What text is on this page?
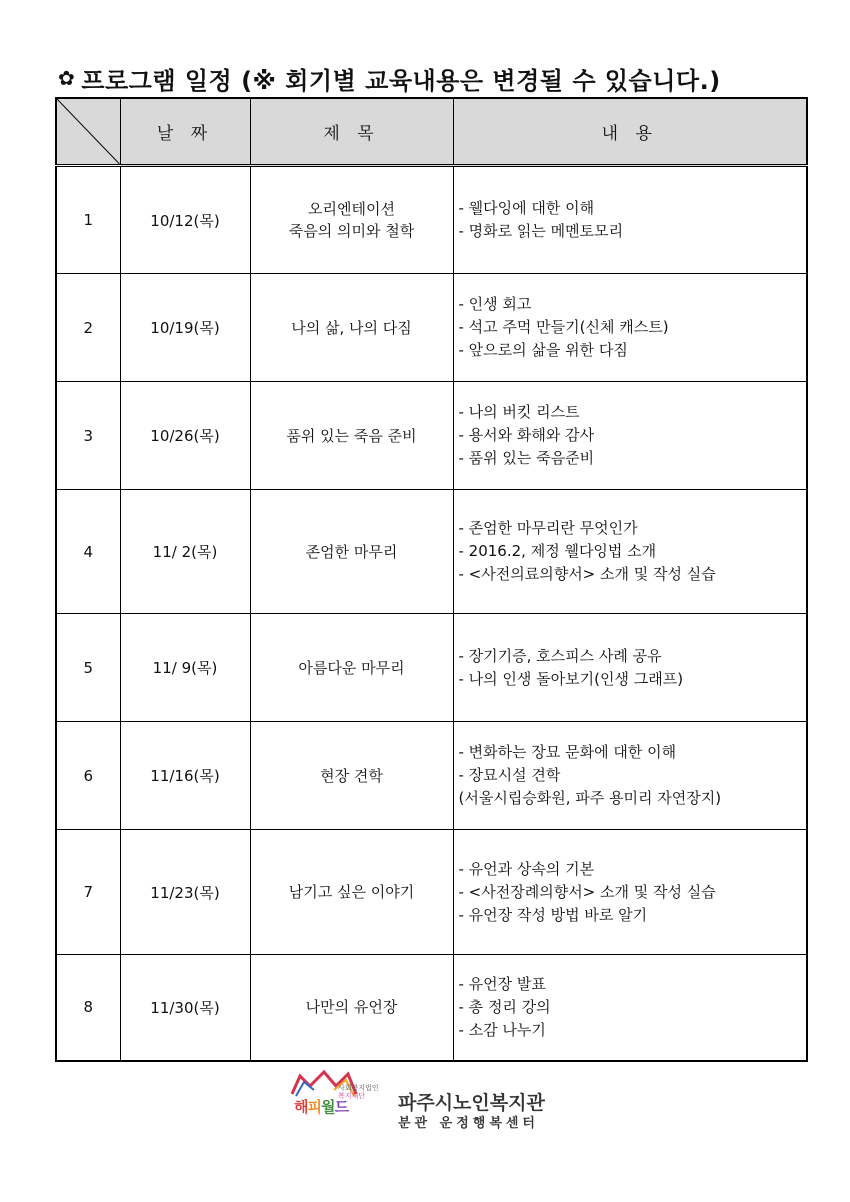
✿ 프로그램 일정 (※ 회기별 교육내용은 변경될 수 있습니다.)
	날 짜	제 목	내 용
1	10/12(목)	오리엔테이션
죽음의 의미와 철학	- 웰다잉에 대한 이해
- 명화로 읽는 메멘토모리

2	10/19(목)	나의 삶, 나의 다짐	- 인생 회고
- 석고 주먹 만들기(신체 캐스트)
- 앞으로의 삶을 위한 다짐

3	10/26(목)	품위 있는 죽음 준비	- 나의 버킷 리스트
- 용서와 화해와 감사
- 품위 있는 죽음준비

4	11/ 2(목)	존엄한 마무리	- 존엄한 마무리란 무엇인가
- 2016.2, 제정 웰다잉법 소개
- <사전의료의향서> 소개 및 작성 실습

5	11/ 9(목)	아름다운 마무리	- 장기기증, 호스피스 사례 공유
- 나의 인생 돌아보기(인생 그래프)

6	11/16(목)	현장 견학	- 변화하는 장묘 문화에 대한 이해
- 장묘시설 견학
(서울시립승화원, 파주 용미리 자연장지)

7	11/23(목)	남기고 싶은 이야기	- 유언과 상속의 기본
- <사전장례의향서> 소개 및 작성 실습
- 유언장 작성 방법 바로 알기

8	11/30(목)	나만의 유언장	- 유언장 발표
- 총 정리 강의
- 소감 나누기
사회복지법인
복지재단
해피월드	파주시노인복지관
분관 운정행복센터
